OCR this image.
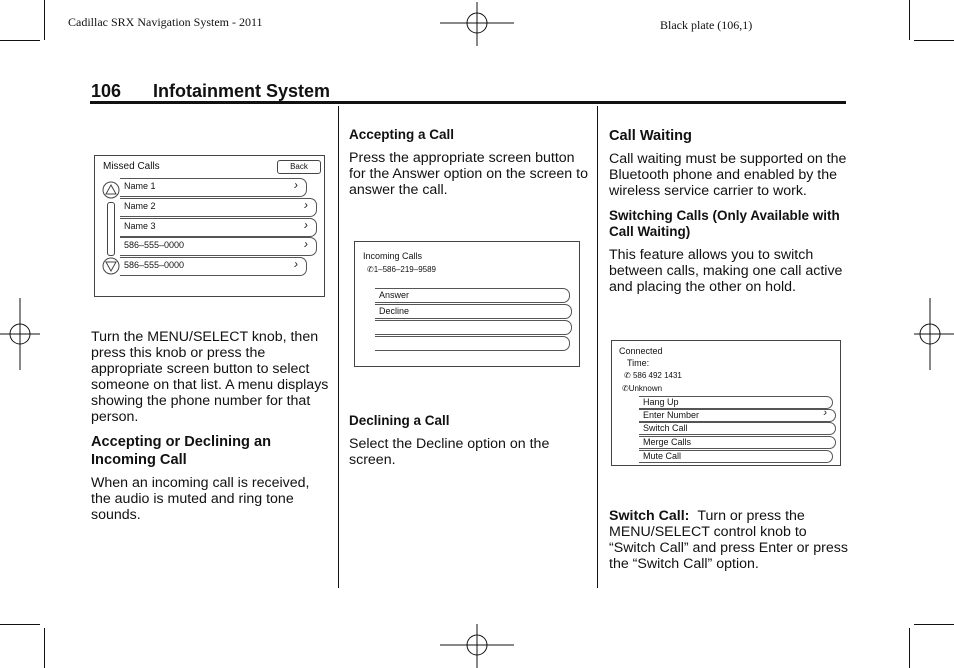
Cadillac SRX Navigation System - 2011	Black plate (106,1)
106 Infotainment System
Missed Calls	Back
Name 1	›
Name 2	›
Name 3	›
586–555–0000	›
586–555–0000	›
Turn the MENU/SELECT knob, then press this knob or press the appropriate screen button to select someone on that list. A menu displays showing the phone number for that person.
Accepting or Declining an Incoming Call
When an incoming call is received, the audio is muted and ring tone sounds.
Accepting a Call
Press the appropriate screen button for the Answer option on the screen to answer the call.
Incoming Calls
✆1–586–219–9589
Answer
Decline
Declining a Call
Select the Decline option on the screen.
Call Waiting
Call waiting must be supported on the Bluetooth phone and enabled by the wireless service carrier to work.
Switching Calls (Only Available with Call Waiting)
This feature allows you to switch between calls, making one call active and placing the other on hold.
Connected
Time:
✆ 586 492 1431
✆Unknown
Hang Up
Enter Number	›
Switch Call
Merge Calls
Mute Call
Switch Call: Turn or press the MENU/SELECT control knob to “Switch Call” and press Enter or press the “Switch Call” option.
